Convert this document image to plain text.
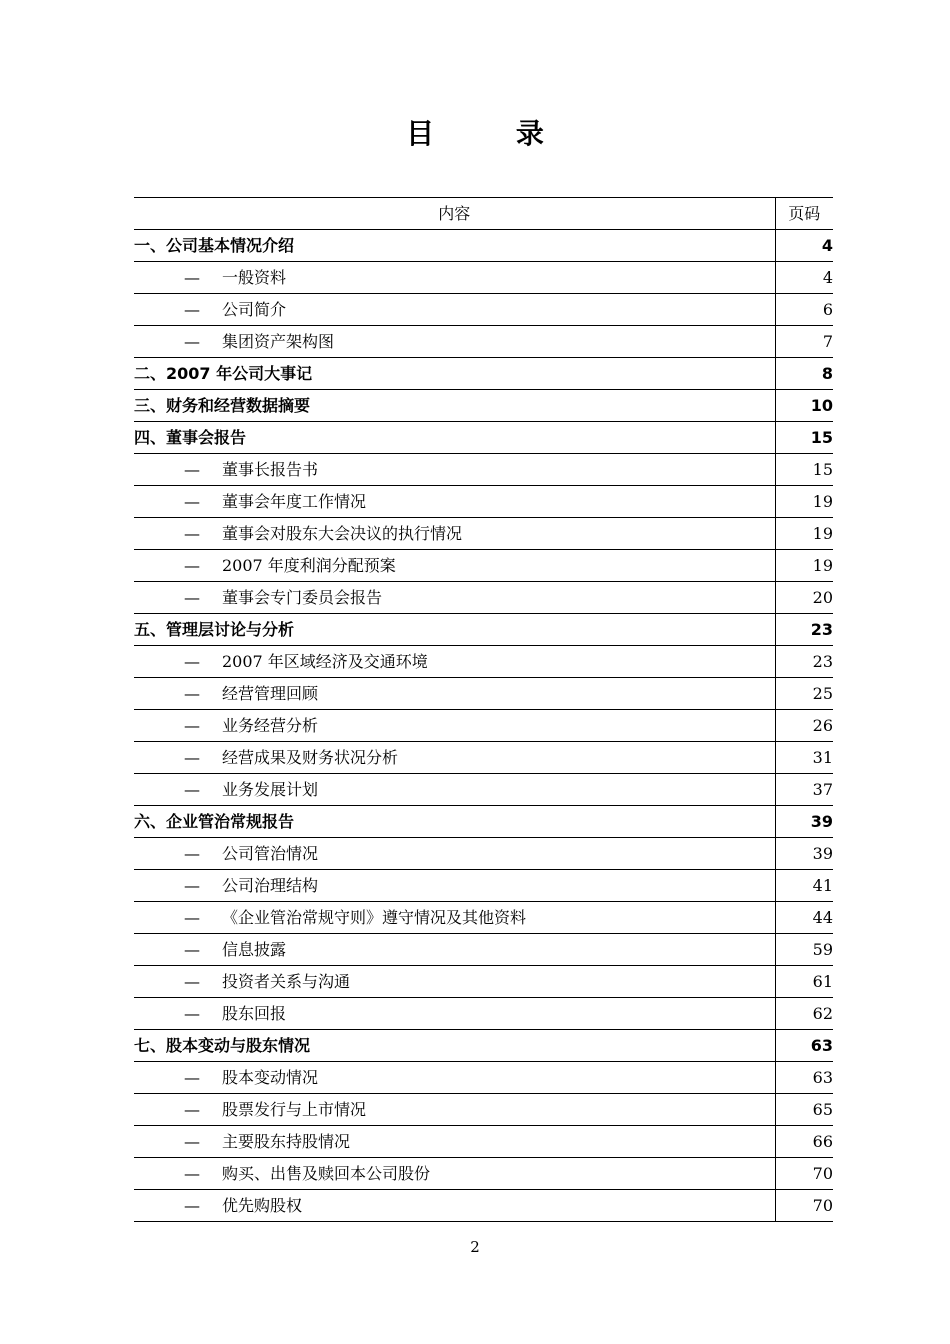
目 录
内容	页码
一、公司基本情况介绍	4
— 一般资料	4
— 公司简介	6
— 集团资产架构图	7
二、2007 年公司大事记	8
三、财务和经营数据摘要	10
四、董事会报告	15
— 董事长报告书	15
— 董事会年度工作情况	19
— 董事会对股东大会决议的执行情况	19
— 2007 年度利润分配预案	19
— 董事会专门委员会报告	20
五、管理层讨论与分析	23
— 2007 年区域经济及交通环境	23
— 经营管理回顾	25
— 业务经营分析	26
— 经营成果及财务状况分析	31
— 业务发展计划	37
六、企业管治常规报告	39
— 公司管治情况	39
— 公司治理结构	41
— 《企业管治常规守则》遵守情况及其他资料	44
— 信息披露	59
— 投资者关系与沟通	61
— 股东回报	62
七、股本变动与股东情况	63
— 股本变动情况	63
— 股票发行与上市情况	65
— 主要股东持股情况	66
— 购买、出售及赎回本公司股份	70
— 优先购股权	70
2
